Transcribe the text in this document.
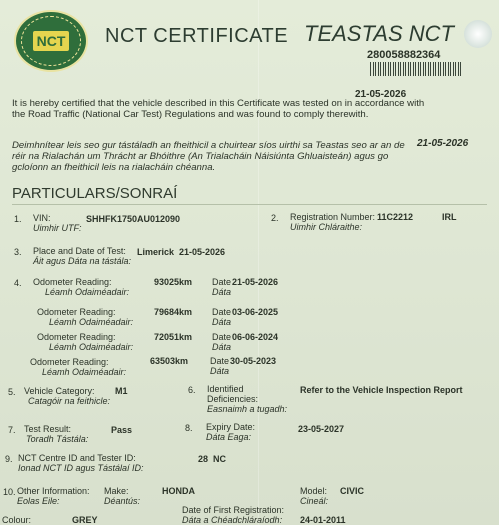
NCT NCT CERTIFICATE TEASTAS NCT
280058882364
21-05-2026
It is hereby certified that the vehicle described in this Certificate was tested on in accordance with the Road Traffic (National Car Test) Regulations and was found to comply therewith.
21-05-2026
Deimhnítear leis seo gur tástáladh an fheithicil a chuirtear síos uirthi sa Teastas seo ar an de réir na Rialachán um Thrácht ar Bhóithre (An Trialacháin Náisiúnta Ghluaisteán) agus go gcloíonn an fheithicil leis na rialacháin chéanna.
PARTICULARS/SONRAÍ
1. VIN:
Uimhir UTF:
SHHFK1750AU012090	2. Registration Number:
Uimhir Chláraithe:
11C2212	IRL
3. Place and Date of Test:
Áit agus Dáta na tástála:
Limerick  21-05-2026
4. Odometer Reading:
Léamh Odaiméadair:
93025km Date
Dáta
21-05-2026
Odometer Reading:
Léamh Odaiméadair:
79684km Date
Dáta
03-06-2025
Odometer Reading:
Léamh Odaiméadair:
72051km Date
Dáta
06-06-2024
Odometer Reading:
Léamh Odaiméadair:
63503km Date
Dáta
30-05-2023
5. Vehicle Category:
Catagóir na feithicle:
M1	6. Identified
Deficiencies:
Easnaimh a tugadh:
Refer to the Vehicle Inspection Report
7. Test Result:
Toradh Tástála:
Pass	8. Expiry Date:
Dáta Eaga:
23-05-2027
9. NCT Centre ID and Tester ID:
Ionad NCT ID agus Tástálaí ID:
28  NC
10. Other Information:
Eolas Eile:
Make:
Déantús:
HONDA	Model:
Cineál:
CIVIC
Date of First Registration:
Dáta a Chéadchláraíodh: 24-01-2011
Colour:	GREY
